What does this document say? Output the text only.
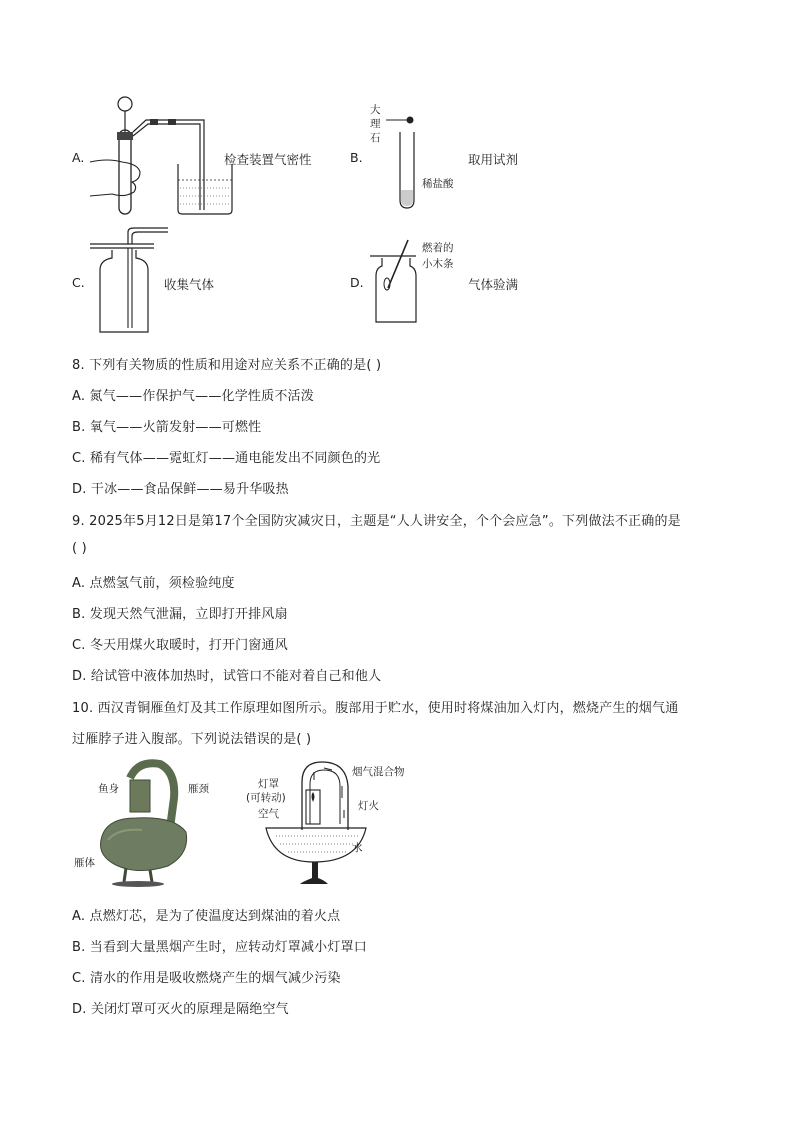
A.	检查装置气密性	B.
大
理
石
稀盐酸
取用试剂
C.	收集气体	D.
燃着的
小木条
气体验满
8. 下列有关物质的性质和用途对应关系不正确的是( )
A. 氮气——作保护气——化学性质不活泼
B. 氧气——火箭发射——可燃性
C. 稀有气体——霓虹灯——通电能发出不同颜色的光
D. 干冰——食品保鲜——易升华吸热
9. 2025年5月12日是第17个全国防灾减灾日，主题是“人人讲安全，个个会应急”。下列做法不正确的是
( )
A. 点燃氢气前，须检验纯度
B. 发现天然气泄漏，立即打开排风扇
C. 冬天用煤火取暖时，打开门窗通风
D. 给试管中液体加热时，试管口不能对着自己和他人
10. 西汉青铜雁鱼灯及其工作原理如图所示。腹部用于贮水，使用时将煤油加入灯内，燃烧产生的烟气通
过雁脖子进入腹部。下列说法错误的是( )
鱼身	雁颈
雁体
灯罩
(可转动)
空气
烟气混合物
灯火
水
A. 点燃灯芯，是为了使温度达到煤油的着火点
B. 当看到大量黑烟产生时，应转动灯罩减小灯罩口
C. 清水的作用是吸收燃烧产生的烟气减少污染
D. 关闭灯罩可灭火的原理是隔绝空气
